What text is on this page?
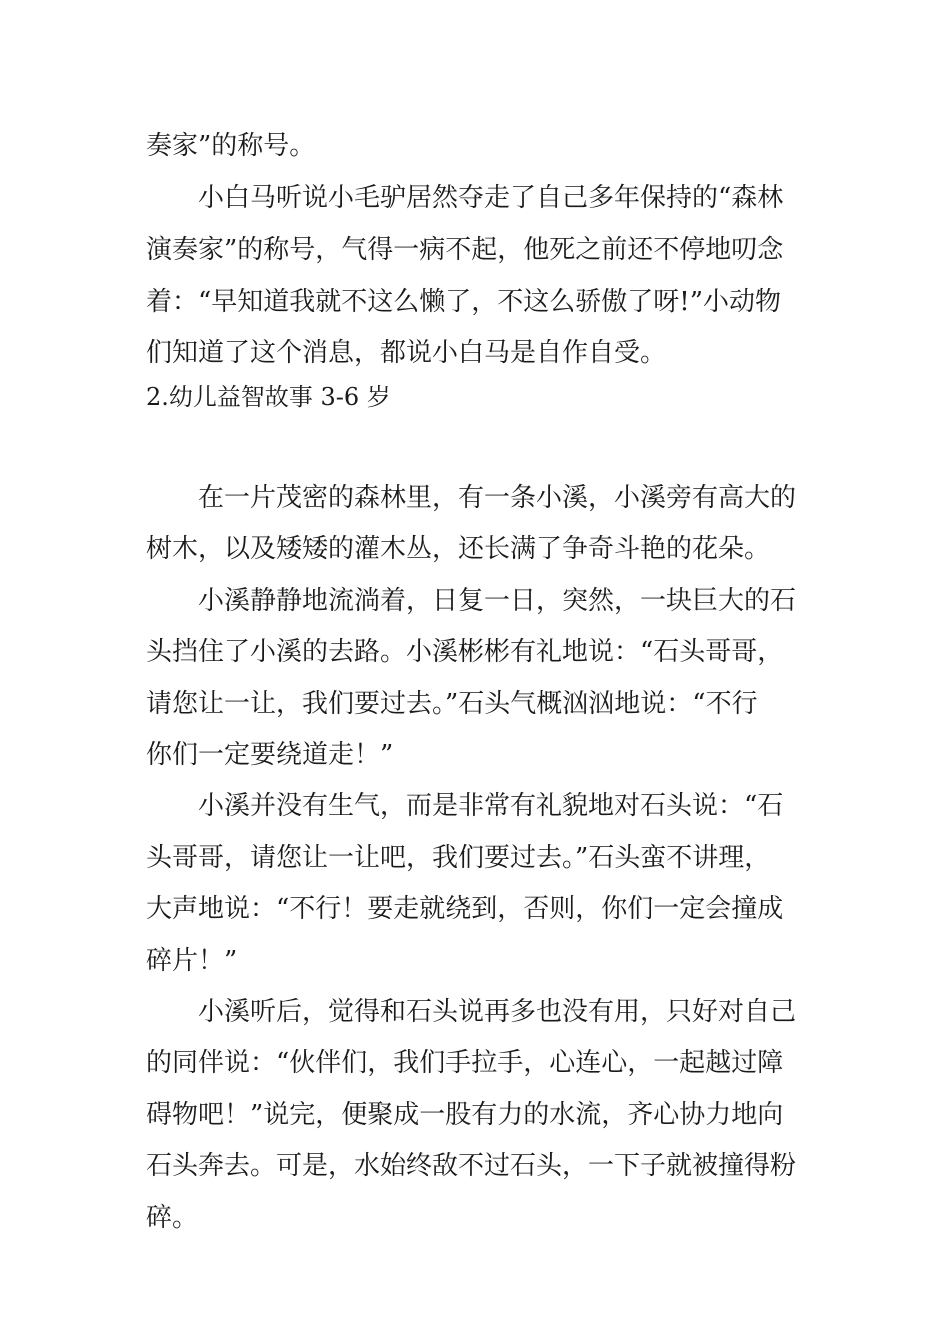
奏家”的称号。
小白马听说小毛驴居然夺走了自己多年保持的“森林
演奏家”的称号，气得一病不起，他死之前还不停地叨念
着：“早知道我就不这么懒了，不这么骄傲了呀!”小动物
们知道了这个消息，都说小白马是自作自受。
2.幼儿益智故事 3-6 岁
在一片茂密的森林里，有一条小溪，小溪旁有高大的
树木，以及矮矮的灌木丛，还长满了争奇斗艳的花朵。
小溪静静地流淌着，日复一日，突然，一块巨大的石
头挡住了小溪的去路。小溪彬彬有礼地说：“石头哥哥，
请您让一让，我们要过去。”石头气概汹汹地说：“不行
你们一定要绕道走！”
小溪并没有生气，而是非常有礼貌地对石头说：“石
头哥哥，请您让一让吧，我们要过去。”石头蛮不讲理，
大声地说：“不行！要走就绕到，否则，你们一定会撞成
碎片！”
小溪听后，觉得和石头说再多也没有用，只好对自己
的同伴说：“伙伴们，我们手拉手，心连心，一起越过障
碍物吧！”说完，便聚成一股有力的水流，齐心协力地向
石头奔去。可是，水始终敌不过石头，一下子就被撞得粉
碎。
